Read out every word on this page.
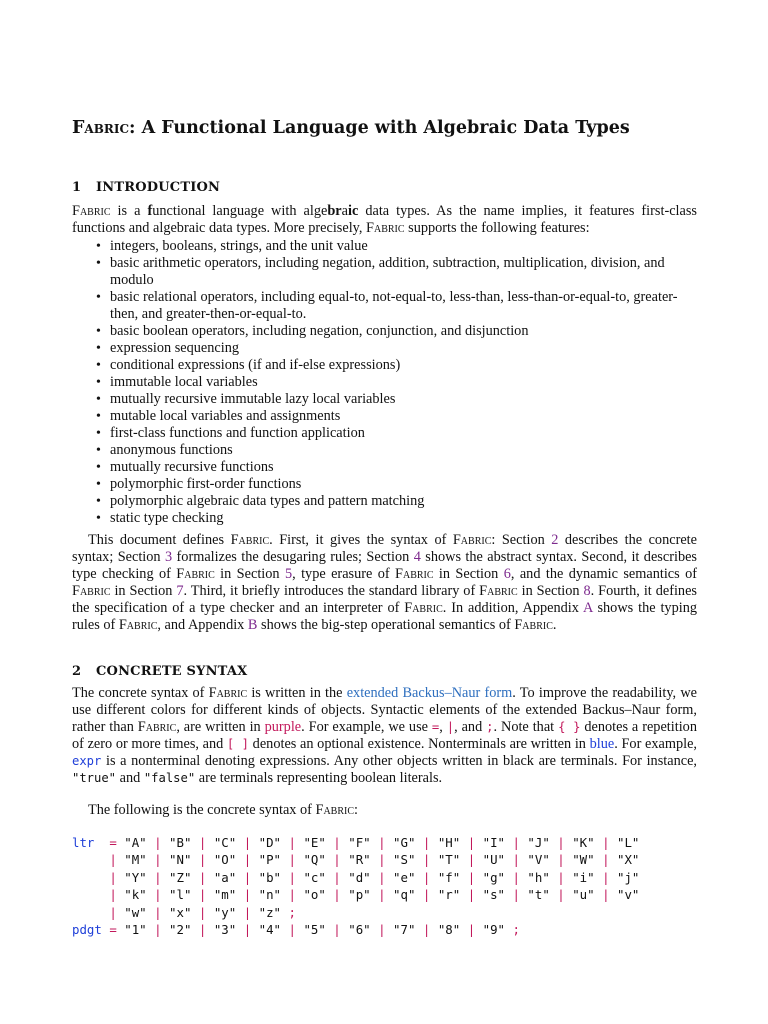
Fabric: A Functional Language with Algebraic Data Types
1 INTRODUCTION

Fabric is a functional language with algebraic data types. As the name implies, it features first-class functions and algebraic data types. More precisely, Fabric supports the following features:

• integers, booleans, strings, and the unit value
• basic arithmetic operators, including negation, addition, subtraction, multiplication, division, and modulo
• basic relational operators, including equal-to, not-equal-to, less-than, less-than-or-equal-to, greater-then, and greater-then-or-equal-to.
• basic boolean operators, including negation, conjunction, and disjunction
• expression sequencing
• conditional expressions (if and if-else expressions)
• immutable local variables
• mutually recursive immutable lazy local variables
• mutable local variables and assignments
• first-class functions and function application
• anonymous functions
• mutually recursive functions
• polymorphic first-order functions
• polymorphic algebraic data types and pattern matching
• static type checking

This document defines Fabric. First, it gives the syntax of Fabric: Section 2 describes the concrete syntax; Section 3 formalizes the desugaring rules; Section 4 shows the abstract syntax. Second, it describes type checking of Fabric in Section 5, type erasure of Fabric in Section 6, and the dynamic semantics of Fabric in Section 7. Third, it briefly introduces the standard library of Fabric in Section 8. Fourth, it defines the specification of a type checker and an interpreter of Fabric. In addition, Appendix A shows the typing rules of Fabric, and Appendix B shows the big-step operational semantics of Fabric.

2 CONCRETE SYNTAX

The concrete syntax of Fabric is written in the extended Backus–Naur form. To improve the readability, we use different colors for different kinds of objects. Syntactic elements of the extended Backus–Naur form, rather than Fabric, are written in purple. For example, we use =, |, and ;. Note that { } denotes a repetition of zero or more times, and [ ] denotes an optional existence. Nonterminals are written in blue. For example, expr is a nonterminal denoting expressions. Any other objects written in black are terminals. For instance, "true" and "false" are terminals representing boolean literals.

The following is the concrete syntax of Fabric:

ltr = "A" | "B" | "C" | "D" | "E" | "F" | "G" | "H" | "I" | "J" | "K" | "L"
| "M" | "N" | "O" | "P" | "Q" | "R" | "S" | "T" | "U" | "V" | "W" | "X"
| "Y" | "Z" | "a" | "b" | "c" | "d" | "e" | "f" | "g" | "h" | "i" | "j"
| "k" | "l" | "m" | "n" | "o" | "p" | "q" | "r" | "s" | "t" | "u" | "v"
| "w" | "x" | "y" | "z" ;
pdgt = "1" | "2" | "3" | "4" | "5" | "6" | "7" | "8" | "9" ;
